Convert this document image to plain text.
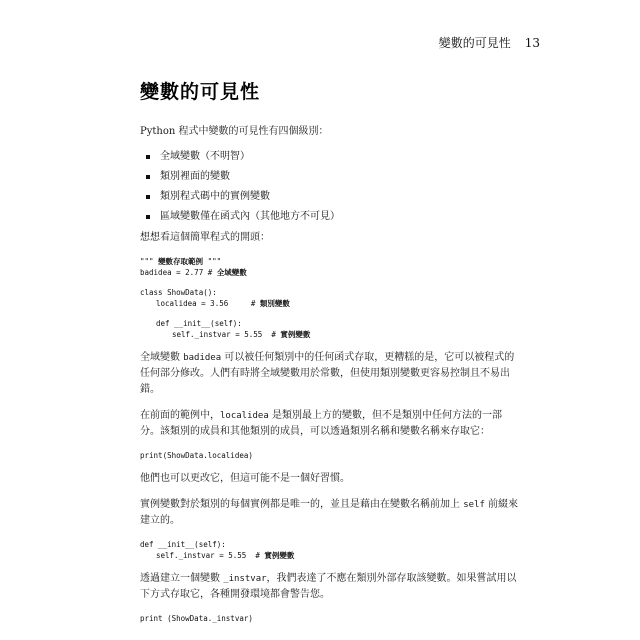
變數的可見性 13
變數的可見性

Python 程式中變數的可見性有四個級別：

全域變數（不明智）
類別裡面的變數
類別程式碼中的實例變數
區域變數僅在函式內（其他地方不可見）

想想看這個簡單程式的開頭：

""" 變數存取範例 """
badidea = 2.77 # 全域變數
class ShowData():
localidea = 3.56     # 類別變數
def __init__(self):
self._instvar = 5.55  # 實例變數

全域變數 badidea 可以被任何類別中的任何函式存取，更糟糕的是，它可以被程式的任何部分修改。人們有時將全域變數用於常數，但使用類別變數更容易控制且不易出錯。

在前面的範例中，localidea 是類別最上方的變數，但不是類別中任何方法的一部分。該類別的成員和其他類別的成員，可以透過類別名稱和變數名稱來存取它：

print(ShowData.localidea)

他們也可以更改它，但這可能不是一個好習慣。

實例變數對於類別的每個實例都是唯一的，並且是藉由在變數名稱前加上 self 前綴來建立的。

def __init__(self):
self._instvar = 5.55  # 實例變數

透過建立一個變數 _instvar，我們表達了不應在類別外部存取該變數。如果嘗試用以下方式存取它，各種開發環境都會警告您。

print (ShowData._instvar)
